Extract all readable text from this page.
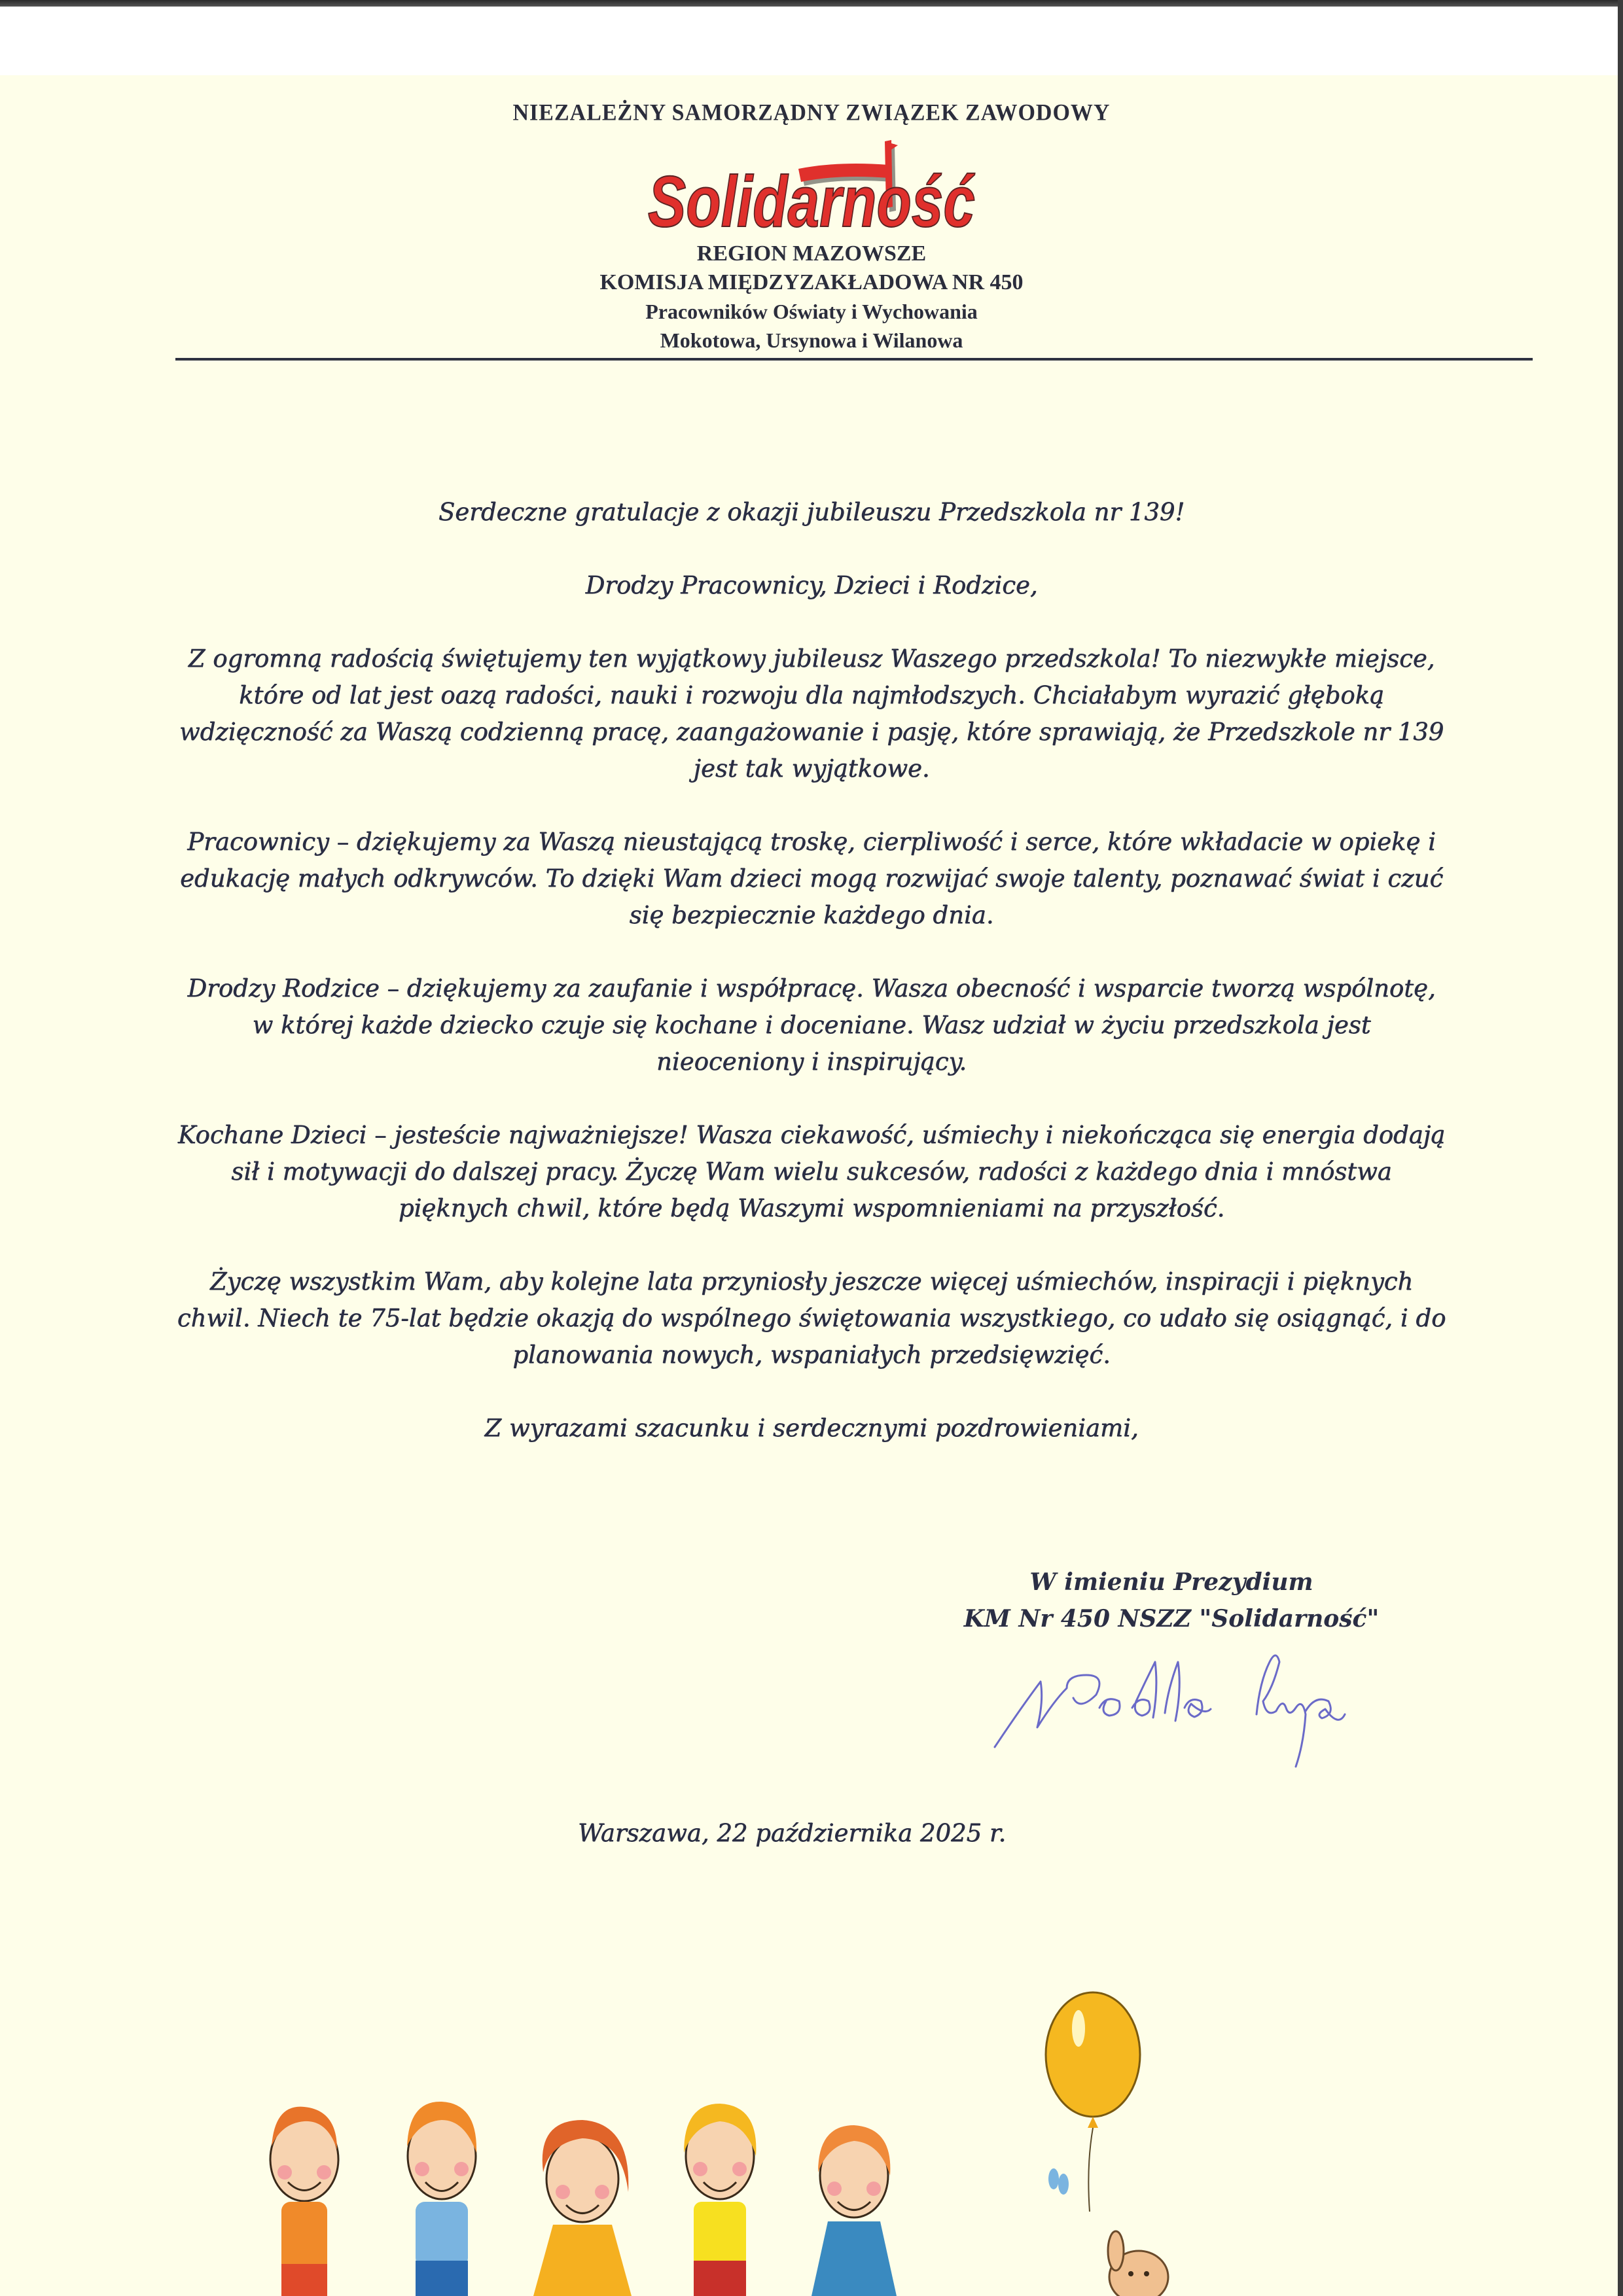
NIEZALEŻNY SAMORZĄDNY ZWIĄZEK ZAWODOWY

Solidarność

REGION MAZOWSZE

KOMISJA MIĘDZYZAKŁADOWA NR 450

Pracowników Oświaty i Wychowania

Mokotowa, Ursynowa i Wilanowa

Serdeczne gratulacje z okazji jubileuszu Przedszkola nr 139!

Drodzy Pracownicy, Dzieci i Rodzice,

Z ogromną radością świętujemy ten wyjątkowy jubileusz Waszego przedszkola! To niezwykłe miejsce, które od lat jest oazą radości, nauki i rozwoju dla najmłodszych. Chciałabym wyrazić głęboką wdzięczność za Waszą codzienną pracę, zaangażowanie i pasję, które sprawiają, że Przedszkole nr 139 jest tak wyjątkowe.

Pracownicy – dziękujemy za Waszą nieustającą troskę, cierpliwość i serce, które wkładacie w opiekę i edukację małych odkrywców. To dzięki Wam dzieci mogą rozwijać swoje talenty, poznawać świat i czuć się bezpiecznie każdego dnia.

Drodzy Rodzice – dziękujemy za zaufanie i współpracę. Wasza obecność i wsparcie tworzą wspólnotę, w której każde dziecko czuje się kochane i doceniane. Wasz udział w życiu przedszkola jest nieoceniony i inspirujący.

Kochane Dzieci – jesteście najważniejsze! Wasza ciekawość, uśmiechy i niekończąca się energia dodają sił i motywacji do dalszej pracy. Życzę Wam wielu sukcesów, radości z każdego dnia i mnóstwa pięknych chwil, które będą Waszymi wspomnieniami na przyszłość.

Życzę wszystkim Wam, aby kolejne lata przyniosły jeszcze więcej uśmiechów, inspiracji i pięknych chwil. Niech te 75-lat będzie okazją do wspólnego świętowania wszystkiego, co udało się osiągnąć, i do planowania nowych, wspaniałych przedsięwzięć.

Z wyrazami szacunku i serdecznymi pozdrowieniami,

W imieniu Prezydium

KM Nr 450 NSZZ "Solidarność"

Warszawa, 22 października 2025 r.
